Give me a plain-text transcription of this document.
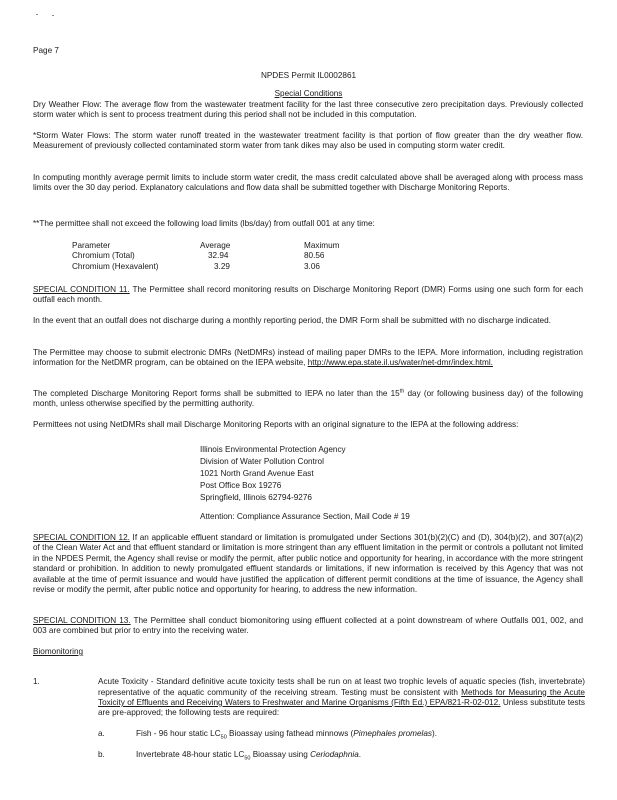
Page 7

NPDES Permit IL0002861

Special Conditions

Dry Weather Flow: The average flow from the wastewater treatment facility for the last three consecutive zero precipitation days. Previously collected storm water which is sent to process treatment during this period shall not be included in this computation.

*Storm Water Flows: The storm water runoff treated in the wastewater treatment facility is that portion of flow greater than the dry weather flow. Measurement of previously collected contaminated storm water from tank dikes may also be used in computing storm water credit.

In computing monthly average permit limits to include storm water credit, the mass credit calculated above shall be averaged along with process mass limits over the 30 day period. Explanatory calculations and flow data shall be submitted together with Discharge Monitoring Reports.

**The permittee shall not exceed the following load limits (lbs/day) from outfall 001 at any time:

Parameter	Average	Maximum
Chromium (Total)	32.94	80.56
Chromium (Hexavalent)	3.29	3.06

SPECIAL CONDITION 11. The Permittee shall record monitoring results on Discharge Monitoring Report (DMR) Forms using one such form for each outfall each month.

In the event that an outfall does not discharge during a monthly reporting period, the DMR Form shall be submitted with no discharge indicated.

The Permittee may choose to submit electronic DMRs (NetDMRs) instead of mailing paper DMRs to the IEPA. More information, including registration information for the NetDMR program, can be obtained on the IEPA website, http://www.epa.state.il.us/water/net-dmr/index.html.

The completed Discharge Monitoring Report forms shall be submitted to IEPA no later than the 15th day (or following business day) of the following month, unless otherwise specified by the permitting authority.

Permittees not using NetDMRs shall mail Discharge Monitoring Reports with an original signature to the IEPA at the following address:

Illinois Environmental Protection Agency
Division of Water Pollution Control
1021 North Grand Avenue East
Post Office Box 19276
Springfield, Illinois 62794-9276

Attention: Compliance Assurance Section, Mail Code # 19

SPECIAL CONDITION 12. If an applicable effluent standard or limitation is promulgated under Sections 301(b)(2)(C) and (D), 304(b)(2), and 307(a)(2) of the Clean Water Act and that effluent standard or limitation is more stringent than any effluent limitation in the permit or controls a pollutant not limited in the NPDES Permit, the Agency shall revise or modify the permit, after public notice and opportunity for hearing, in accordance with the more stringent standard or prohibition. In addition to newly promulgated effluent standards or limitations, if new information is received by this Agency that was not available at the time of permit issuance and would have justified the application of different permit conditions at the time of issuance, the Agency shall revise or modify the permit, after public notice and opportunity for hearing, to address the new information.

SPECIAL CONDITION 13. The Permittee shall conduct biomonitoring using effluent collected at a point downstream of where Outfalls 001, 002, and 003 are combined but prior to entry into the receiving water.

Biomonitoring

1.	Acute Toxicity - Standard definitive acute toxicity tests shall be run on at least two trophic levels of aquatic species (fish, invertebrate) representative of the aquatic community of the receiving stream. Testing must be consistent with Methods for Measuring the Acute Toxicity of Effluents and Receiving Waters to Freshwater and Marine Organisms (Fifth Ed.) EPA/821-R-02-012. Unless substitute tests are pre-approved; the following tests are required:

a.	Fish - 96 hour static $LC_{50}$ Bioassay using fathead minnows (Pimephales promelas).

b.	Invertebrate 48-hour static $LC_{50}$ Bioassay using Ceriodaphnia.
